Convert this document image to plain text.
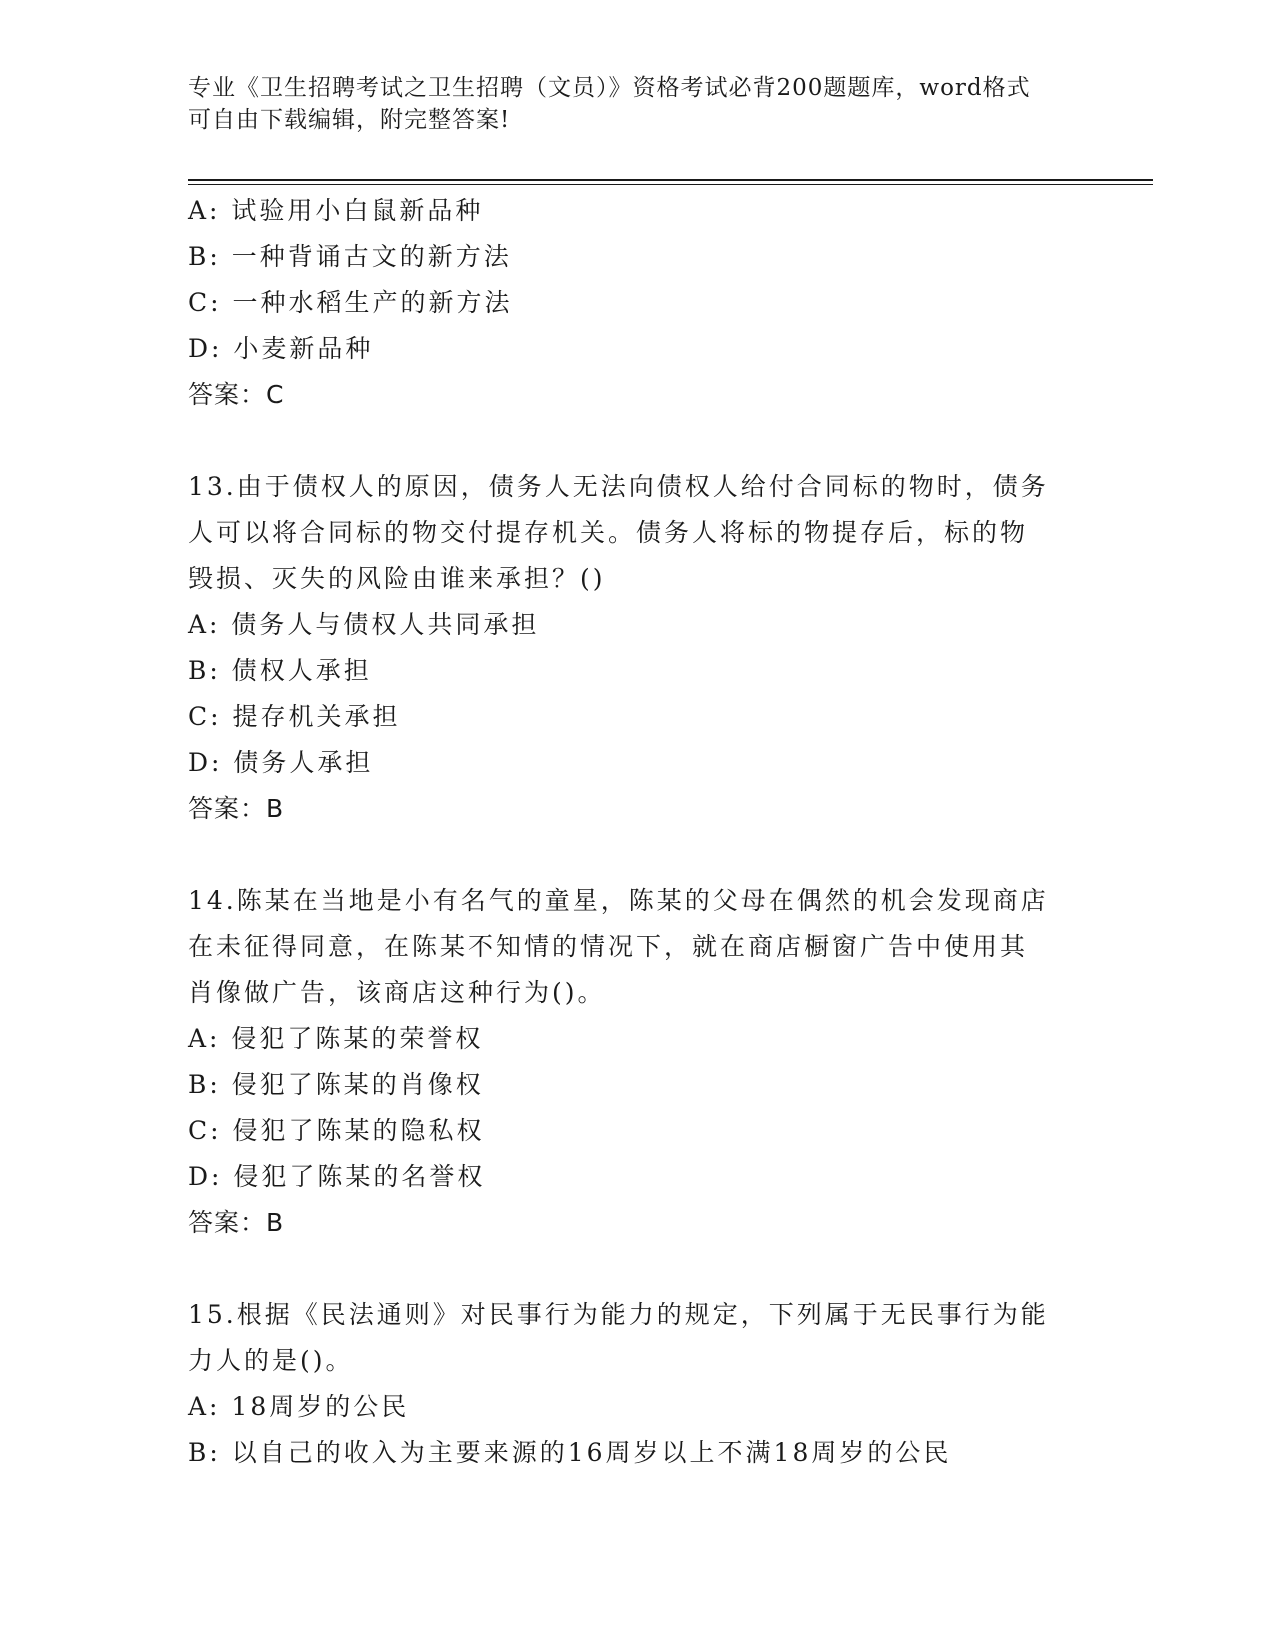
专业《卫生招聘考试之卫生招聘（文员）》资格考试必背200题题库，word格式
可自由下载编辑，附完整答案!
A: 试验用小白鼠新品种
B: 一种背诵古文的新方法
C: 一种水稻生产的新方法
D: 小麦新品种
答案：C
13.由于债权人的原因，债务人无法向债权人给付合同标的物时，债务
人可以将合同标的物交付提存机关。债务人将标的物提存后，标的物
毁损、灭失的风险由谁来承担？()
A: 债务人与债权人共同承担
B: 债权人承担
C: 提存机关承担
D: 债务人承担
答案：B
14.陈某在当地是小有名气的童星，陈某的父母在偶然的机会发现商店
在未征得同意，在陈某不知情的情况下，就在商店橱窗广告中使用其
肖像做广告，该商店这种行为()。
A: 侵犯了陈某的荣誉权
B: 侵犯了陈某的肖像权
C: 侵犯了陈某的隐私权
D: 侵犯了陈某的名誉权
答案：B
15.根据《民法通则》对民事行为能力的规定，下列属于无民事行为能
力人的是()。
A: 18周岁的公民
B: 以自己的收入为主要来源的16周岁以上不满18周岁的公民
